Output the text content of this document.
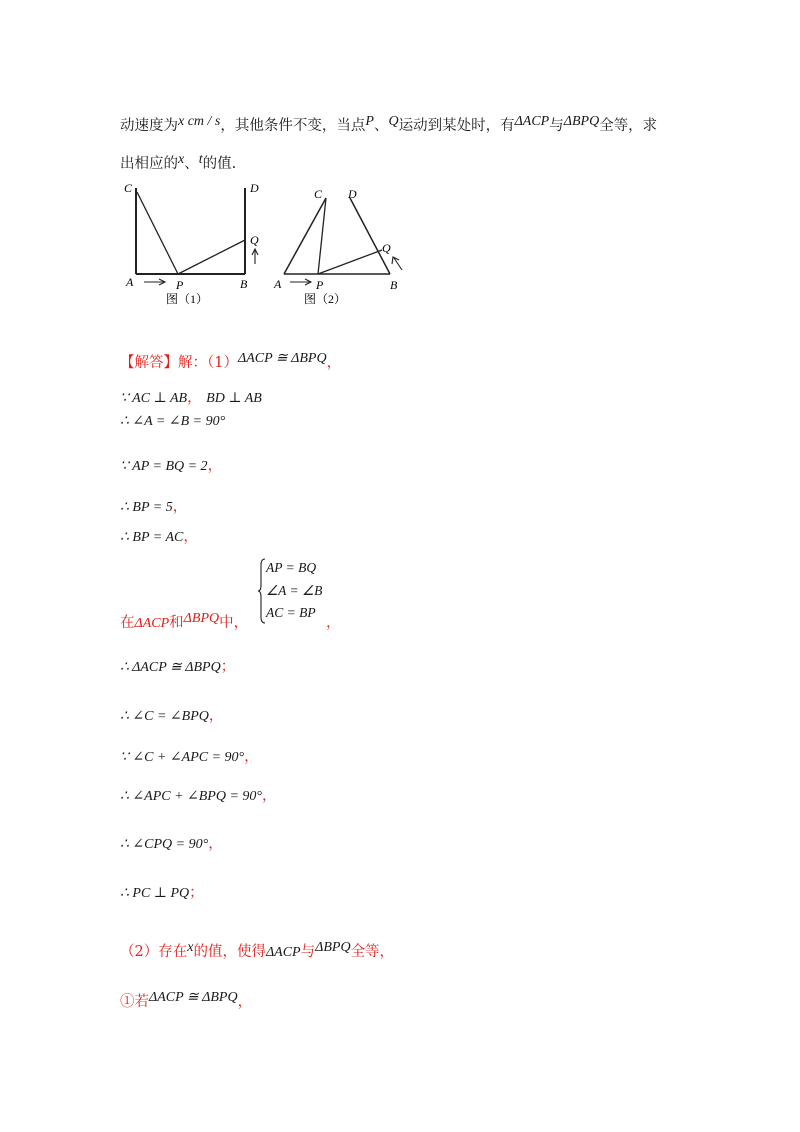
动速度为x cm / s，其他条件不变，当点P、Q运动到某处时，有ΔACP与ΔBPQ全等，求
出相应的x、t的值.
C	D
Q
A	P	B
图（1）
C D
Q
A	P	B
图（2）
【解答】解：（1）ΔACP ≅ ΔBPQ，
∵ AC ⊥ AB， BD ⊥ AB
∴ ∠A = ∠B = 90°
∵ AP = BQ = 2，
∴ BP = 5，
∴ BP = AC，
AP = BQ
∠A = ∠B
AC = BP
在ΔACP和ΔBPQ中，	，
∴ ΔACP ≅ ΔBPQ；
∴ ∠C = ∠BPQ，
∵ ∠C + ∠APC = 90°，
∴ ∠APC + ∠BPQ = 90°，
∴ ∠CPQ = 90°，
∴ PC ⊥ PQ；
（2）存在x的值，使得ΔACP与ΔBPQ全等，
①若ΔACP ≅ ΔBPQ，
